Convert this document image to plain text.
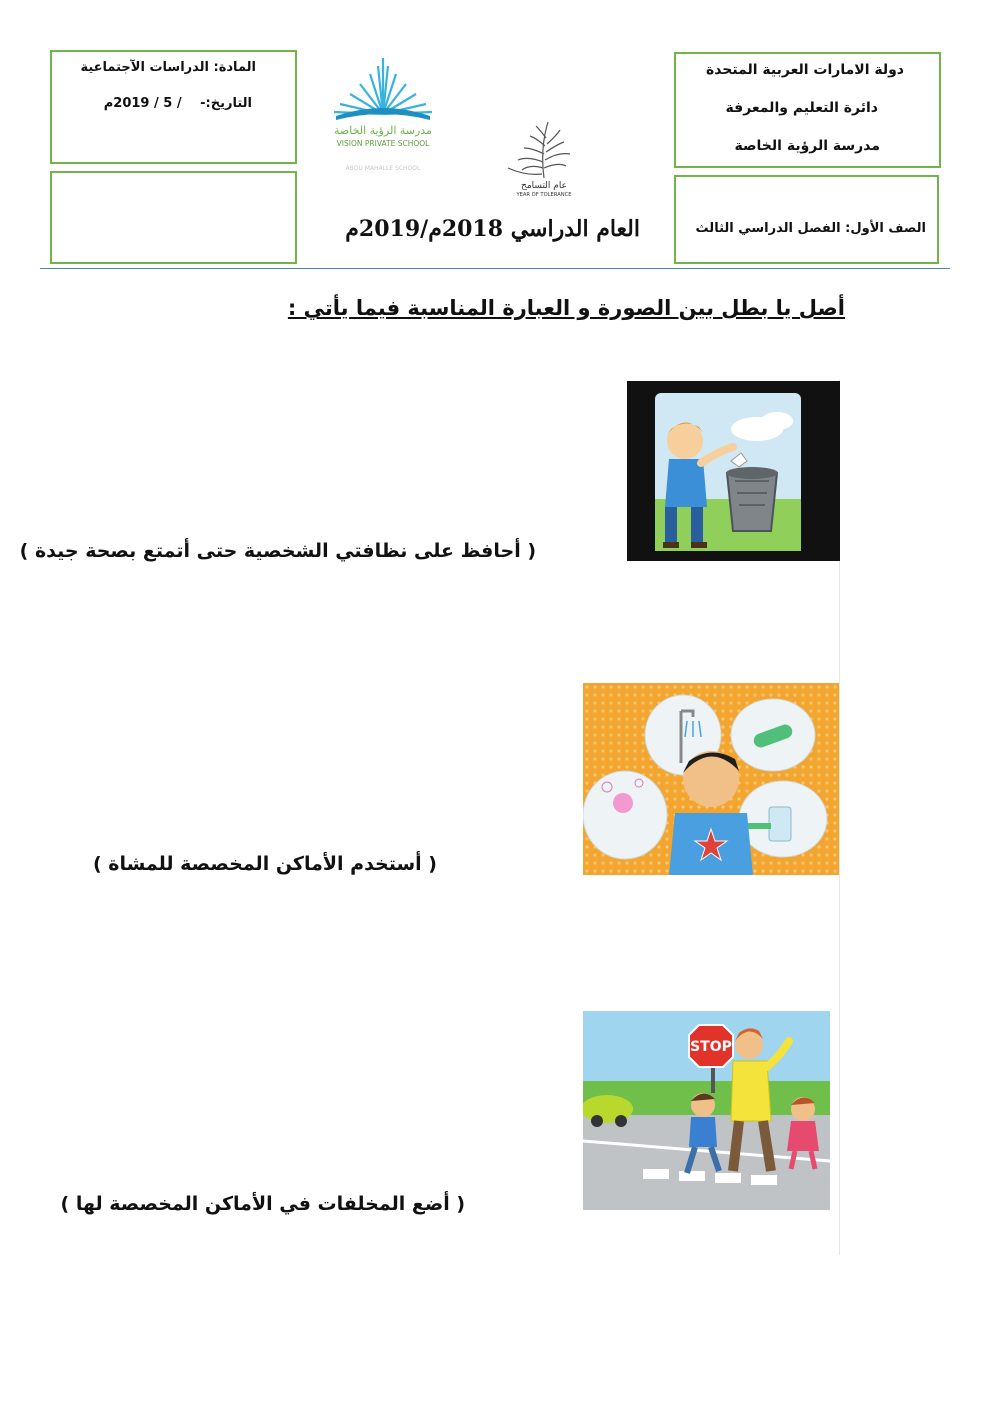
المادة: الدراسات الآجتماعية
التاريخ:- / 5 / 2019م
دولة الامارات العربية المتحدة
دائرة التعليم والمعرفة
مدرسة الرؤية الخاصة
الصف الأول: الفصل الدراسي الثالث
مدرسة الرؤية الخاصة
VISION PRIVATE SCHOOL
ABOU MAHALLE SCHOOL
عام التسامح
YEAR OF TOLERANCE
العام الدراسي 2018م/2019م
أصل يا بطل بين الصورة و العبارة المناسبة فيما يأتي :
( أحافظ على نظافتي الشخصية حتى أتمتع بصحة جيدة )
( أستخدم الأماكن المخصصة للمشاة )
STOP
( أضع المخلفات في الأماكن المخصصة لها )
